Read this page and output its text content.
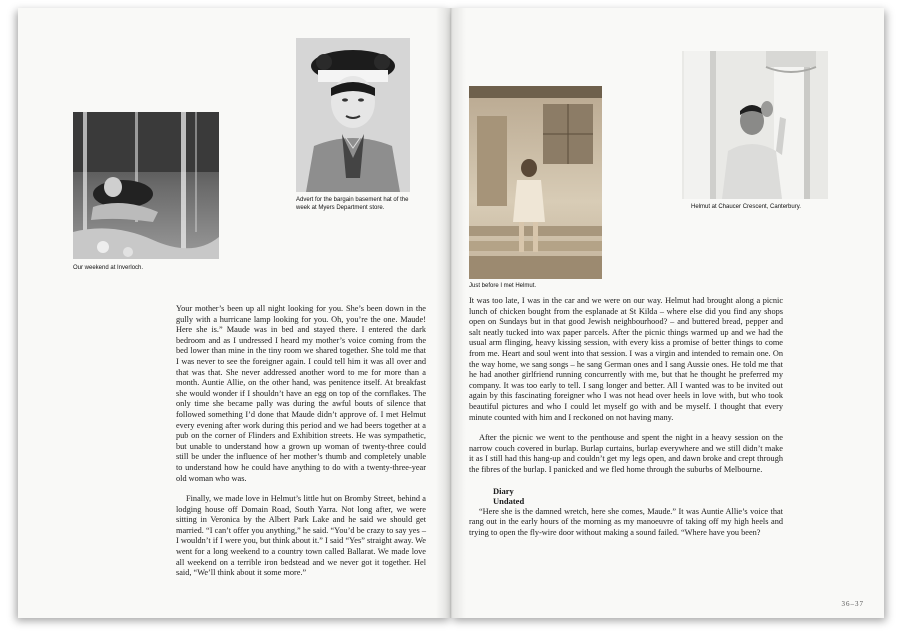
Our weekend at Inverloch.
Advert for the bargain basement hat of the week at Myers Department store.

Your mother’s been up all night looking for you. She’s been down in the gully with a hurricane lamp looking for you. Oh, you’re the one. Maude! Here she is.” Maude was in bed and stayed there. I entered the dark bedroom and as I undressed I heard my mother’s voice coming from the bed lower than mine in the tiny room we shared together. She told me that I was never to see the foreigner again. I could tell him it was all over and that was that. She never addressed another word to me for more than a month. Auntie Allie, on the other hand, was penitence itself. At breakfast she would wonder if I shouldn’t have an egg on top of the cornflakes. The only time she became pally was during the awful bouts of silence that followed something I’d done that Maude didn’t approve of. I met Helmut every evening after work during this period and we had beers together at a pub on the corner of Flinders and Exhibition streets. He was sympathetic, but unable to understand how a grown up woman of twenty-three could still be under the influence of her mother’s thumb and completely unable to understand how he could have anything to do with a twenty-three-year old woman who was.

Finally, we made love in Helmut’s little hut on Bromby Street, behind a lodging house off Domain Road, South Yarra. Not long after, we were sitting in Veronica by the Albert Park Lake and he said we should get married. “I can’t offer you anything,” he said. “You’d be crazy to say yes – I wouldn’t if I were you, but think about it.” I said “Yes” straight away. We went for a long weekend to a country town called Ballarat. We made love all weekend on a terrible iron bedstead and we never got it together. Hel said, “We’ll think about it some more.”

Just before I met Helmut.
Helmut at Chaucer Crescent, Canterbury.

It was too late, I was in the car and we were on our way. Helmut had brought along a picnic lunch of chicken bought from the esplanade at St Kilda – where else did you find any shops open on Sundays but in that good Jewish neighbourhood? – and buttered bread, pepper and salt neatly tucked into wax paper parcels. After the picnic things warmed up and we had the usual arm flinging, heavy kissing session, with every kiss a promise of better things to come from me. Heart and soul went into that session. I was a virgin and intended to remain one. On the way home, we sang songs – he sang German ones and I sang Aussie ones. He told me that he had another girlfriend running concurrently with me, but that he thought he preferred my company. It was too early to tell. I sang longer and better. All I wanted was to be invited out again by this fascinating foreigner who I was not head over heels in love with, but who took beautiful pictures and who I could let myself go with and be myself. I thought that every minute counted with him and I reckoned on not having many.

After the picnic we went to the penthouse and spent the night in a heavy session on the narrow couch covered in burlap. Burlap curtains, burlap everywhere and we still didn’t make it as I still had this hang-up and couldn’t get my legs open, and dawn broke and crept through the fibres of the burlap. I panicked and we fled home through the suburbs of Melbourne.

Diary
Undated

“Here she is the damned wretch, here she comes, Maude.” It was Auntie Allie’s voice that rang out in the early hours of the morning as my manoeuvre of taking off my high heels and trying to open the fly-wire door without making a sound failed. “Where have you been?

36–37
